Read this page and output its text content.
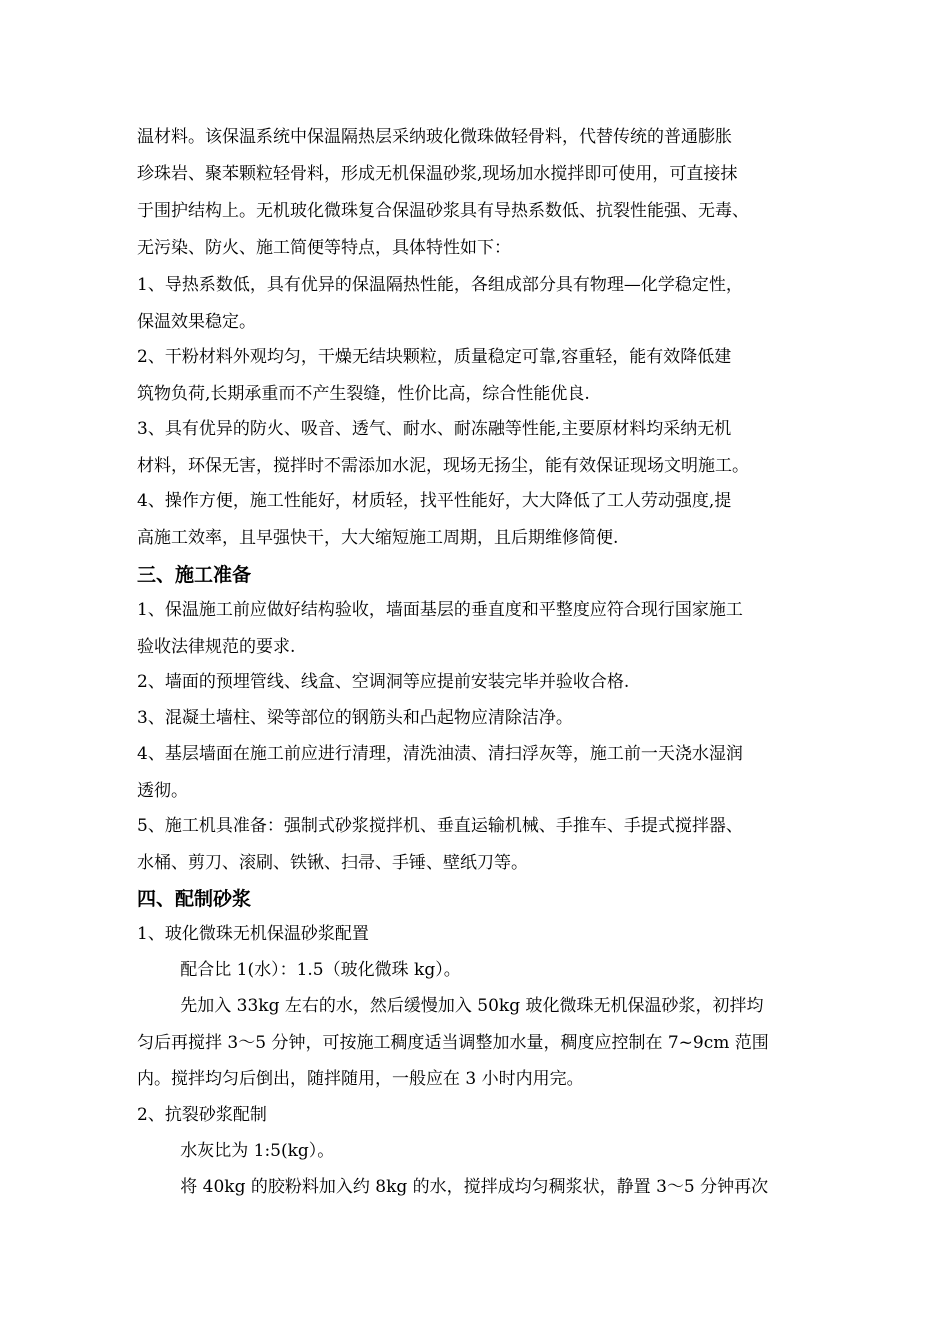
温材料。该保温系统中保温隔热层采纳玻化微珠做轻骨料，代替传统的普通膨胀
珍珠岩、聚苯颗粒轻骨料，形成无机保温砂浆,现场加水搅拌即可使用，可直接抹
于围护结构上。无机玻化微珠复合保温砂浆具有导热系数低、抗裂性能强、无毒、
无污染、防火、施工简便等特点，具体特性如下：
1、导热系数低，具有优异的保温隔热性能，各组成部分具有物理—化学稳定性，
保温效果稳定。
2、干粉材料外观均匀，干燥无结块颗粒，质量稳定可靠,容重轻，能有效降低建
筑物负荷,长期承重而不产生裂缝，性价比高，综合性能优良.
3、具有优异的防火、吸音、透气、耐水、耐冻融等性能,主要原材料均采纳无机
材料，环保无害，搅拌时不需添加水泥，现场无扬尘，能有效保证现场文明施工。
4、操作方便，施工性能好，材质轻，找平性能好，大大降低了工人劳动强度,提
高施工效率，且早强快干，大大缩短施工周期，且后期维修简便.
三、施工准备
1、保温施工前应做好结构验收，墙面基层的垂直度和平整度应符合现行国家施工
验收法律规范的要求.
2、墙面的预埋管线、线盒、空调洞等应提前安装完毕并验收合格.
3、混凝土墙柱、梁等部位的钢筋头和凸起物应清除洁净。
4、基层墙面在施工前应进行清理，清洗油渍、清扫浮灰等，施工前一天浇水湿润
透彻。
5、施工机具准备：强制式砂浆搅拌机、垂直运输机械、手推车、手提式搅拌器、
水桶、剪刀、滚刷、铁锹、扫帚、手锤、壁纸刀等。
四、配制砂浆
1、玻化微珠无机保温砂浆配置
配合比 1(水）：1.5（玻化微珠 kg）。
先加入 33kg 左右的水，然后缓慢加入 50kg 玻化微珠无机保温砂浆，初拌均
匀后再搅拌 3～5 分钟，可按施工稠度适当调整加水量，稠度应控制在 7~9cm 范围
内。搅拌均匀后倒出，随拌随用，一般应在 3 小时内用完。
2、抗裂砂浆配制
水灰比为 1:5(kg）。
将 40kg 的胶粉料加入约 8kg 的水，搅拌成均匀稠浆状，静置 3～5 分钟再次
